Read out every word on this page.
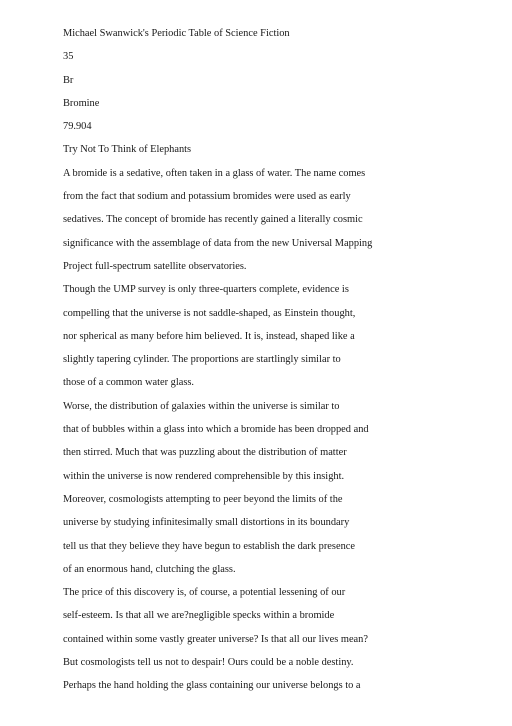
Michael Swanwick's Periodic Table of Science Fiction
35
Br
Bromine
79.904
Try Not To Think of Elephants
A bromide is a sedative, often taken in a glass of water. The name comes
from the fact that sodium and potassium bromides were used as early
sedatives. The concept of bromide has recently gained a literally cosmic
significance with the assemblage of data from the new Universal Mapping
Project full-spectrum satellite observatories.
Though the UMP survey is only three-quarters complete, evidence is
compelling that the universe is not saddle-shaped, as Einstein thought,
nor spherical as many before him believed. It is, instead, shaped like a
slightly tapering cylinder. The proportions are startlingly similar to
those of a common water glass.
Worse, the distribution of galaxies within the universe is similar to
that of bubbles within a glass into which a bromide has been dropped and
then stirred. Much that was puzzling about the distribution of matter
within the universe is now rendered comprehensible by this insight.
Moreover, cosmologists attempting to peer beyond the limits of the
universe by studying infinitesimally small distortions in its boundary
tell us that they believe they have begun to establish the dark presence
of an enormous hand, clutching the glass.
The price of this discovery is, of course, a potential lessening of our
self-esteem. Is that all we are?negligible specks within a bromide
contained within some vastly greater universe? Is that all our lives mean?
But cosmologists tell us not to despair! Ours could be a noble destiny.
Perhaps the hand holding the glass containing our universe belongs to a
